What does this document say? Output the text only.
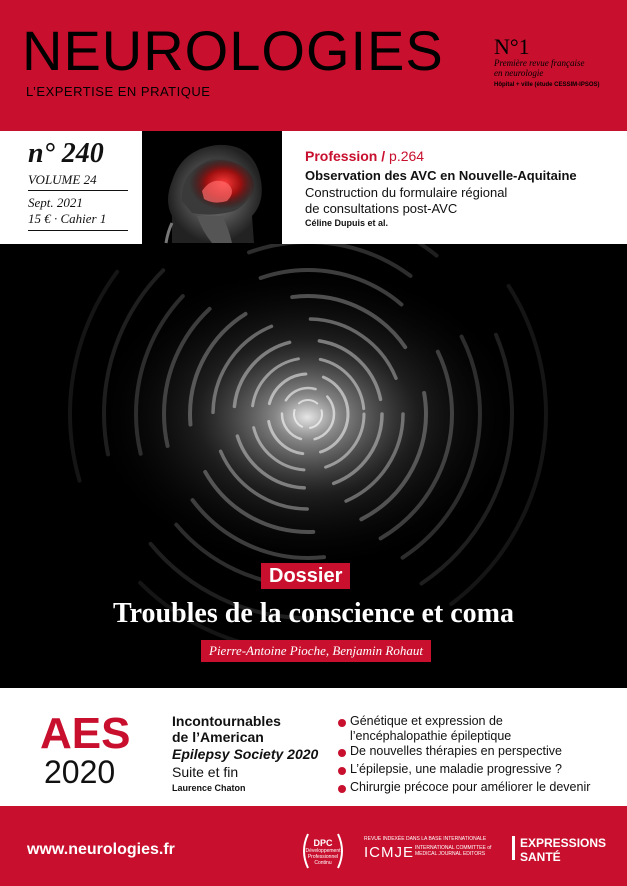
NEUROLOGIES
L’EXPERTISE EN PRATIQUE
N°1
Première revue française
en neurologie
Hôpital + ville (étude CESSIM-IPSOS)
n° 240
VOLUME 24
Sept. 2021
15 € · Cahier 1
Profession / p.264
Observation des AVC en Nouvelle-Aquitaine
Construction du formulaire régional
de consultations post-AVC
Céline Dupuis et al.
Dossier
Troubles de la conscience et coma
Pierre-Antoine Pioche, Benjamin Rohaut
AES
2020
Incontournables
de l’American
Epilepsy Society 2020
Suite et fin
Laurence Chaton
Génétique et expression de
l’encéphalopathie épileptique
De nouvelles thérapies en perspective
L’épilepsie, une maladie progressive ?
Chirurgie précoce pour améliorer le devenir
www.neurologies.fr	DPC
Développement Professionnel Continu
REVUE INDEXÉE DANS LA BASE INTERNATIONALE
ICMJE INTERNATIONAL COMMITTEE of MEDICAL JOURNAL EDITORS
EXPRESSIONS
SANTÉ
